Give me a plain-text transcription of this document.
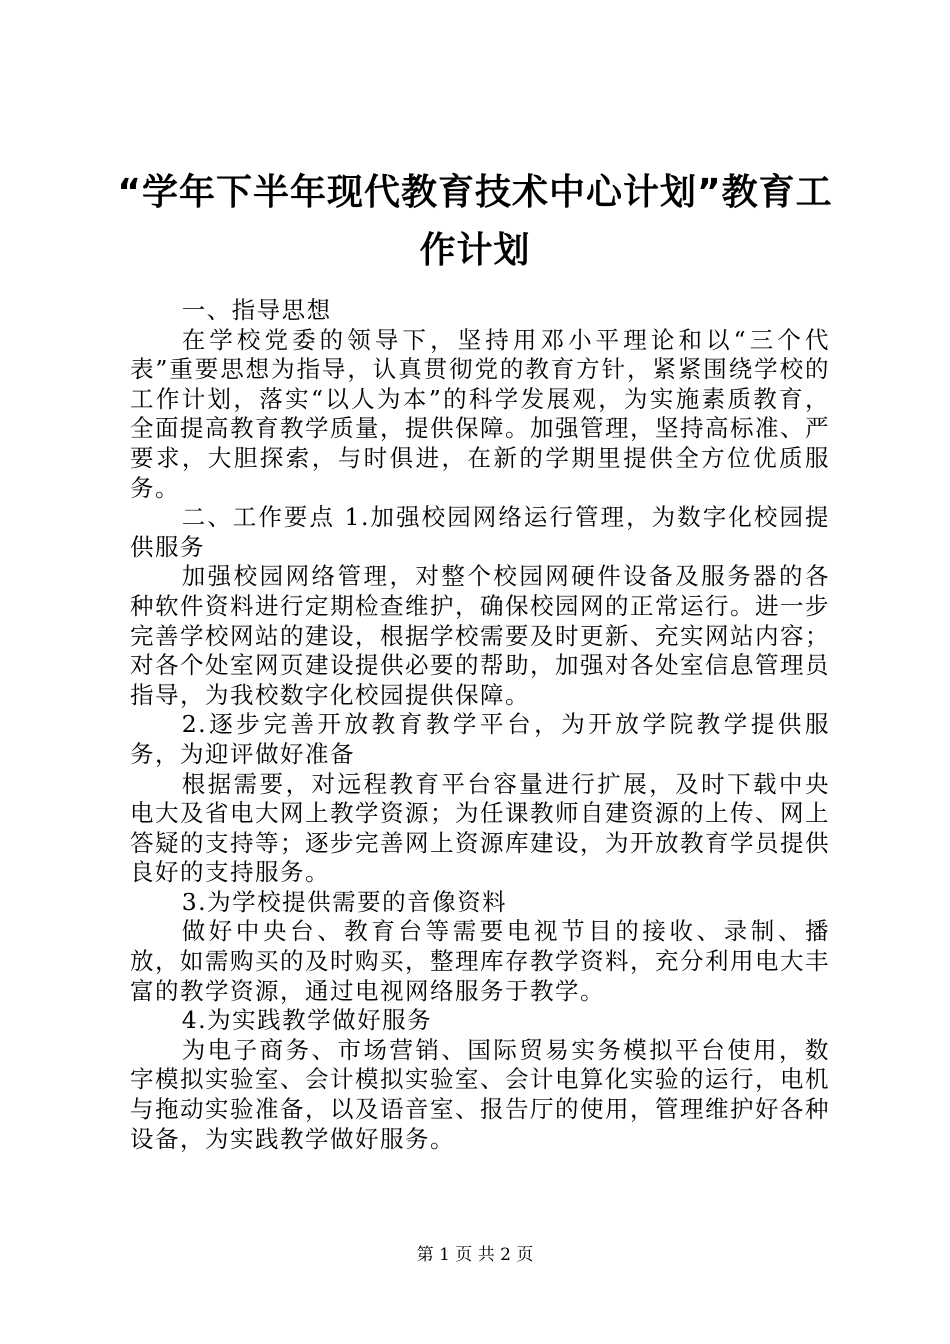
“学年下半年现代教育技术中心计划”教育工作计划

一、指导思想

在学校党委的领导下，坚持用邓小平理论和以“三个代表”重要思想为指导，认真贯彻党的教育方针，紧紧围绕学校的工作计划，落实“以人为本”的科学发展观，为实施素质教育，全面提高教育教学质量，提供保障。加强管理，坚持高标准、严要求，大胆探索，与时俱进，在新的学期里提供全方位优质服务。

二、工作要点 1.加强校园网络运行管理，为数字化校园提供服务

加强校园网络管理，对整个校园网硬件设备及服务器的各种软件资料进行定期检查维护，确保校园网的正常运行。进一步完善学校网站的建设，根据学校需要及时更新、充实网站内容；对各个处室网页建设提供必要的帮助，加强对各处室信息管理员指导，为我校数字化校园提供保障。

2.逐步完善开放教育教学平台，为开放学院教学提供服务，为迎评做好准备

根据需要，对远程教育平台容量进行扩展，及时下载中央电大及省电大网上教学资源；为任课教师自建资源的上传、网上答疑的支持等；逐步完善网上资源库建设，为开放教育学员提供良好的支持服务。

3.为学校提供需要的音像资料

做好中央台、教育台等需要电视节目的接收、录制、播放，如需购买的及时购买，整理库存教学资料，充分利用电大丰富的教学资源，通过电视网络服务于教学。

4.为实践教学做好服务

为电子商务、市场营销、国际贸易实务模拟平台使用，数字模拟实验室、会计模拟实验室、会计电算化实验的运行，电机与拖动实验准备，以及语音室、报告厅的使用，管理维护好各种设备，为实践教学做好服务。

第 1 页 共 2 页
